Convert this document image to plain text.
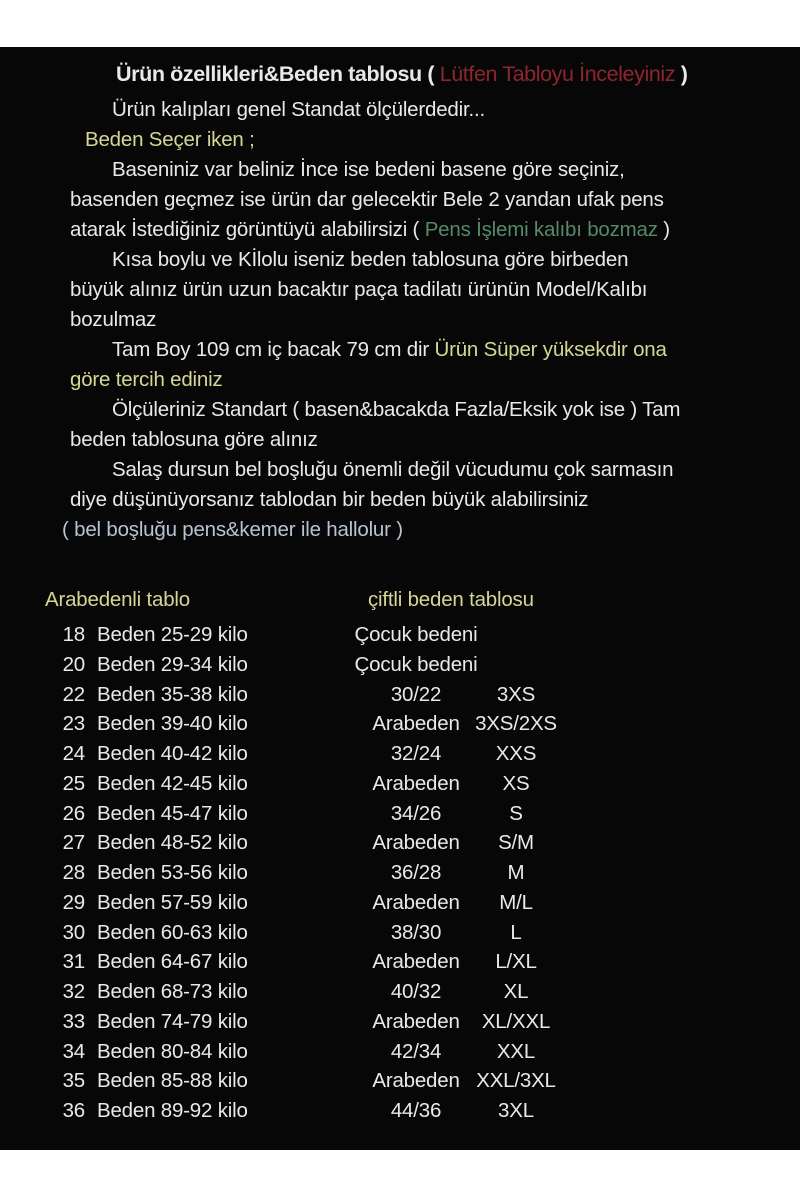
Ürün özellikleri&Beden tablosu ( Lütfen Tabloyu İnceleyiniz )
Ürün kalıpları genel Standat ölçülerdedir...
Beden Seçer iken ;
Baseniniz var beliniz İnce ise bedeni basene göre seçiniz,
basenden geçmez ise ürün dar gelecektir Bele 2 yandan ufak pens
atarak İstediğiniz görüntüyü alabilirsizi ( Pens İşlemi kalıbı bozmaz )
Kısa boylu ve Kİlolu iseniz beden tablosuna göre birbeden
büyük alınız ürün uzun bacaktır paça tadilatı ürünün Model/Kalıbı
bozulmaz
Tam Boy 109 cm iç bacak 79 cm dir Ürün Süper yüksekdir ona
göre tercih ediniz
Ölçüleriniz Standart ( basen&bacakda Fazla/Eksik yok ise ) Tam
beden tablosuna göre alınız
Salaş dursun bel boşluğu önemli değil vücudumu çok sarmasın
diye düşünüyorsanız tablodan bir beden büyük alabilirsiniz
( bel boşluğu pens&kemer ile hallolur )
Arabedenli tablo	çiftli beden tablosu
18 Beden 25-29 kilo	Çocuk bedeni
20 Beden 29-34 kilo	Çocuk bedeni
22 Beden 35-38 kilo	30/22	3XS
23 Beden 39-40 kilo	Arabeden 3XS/2XS
24 Beden 40-42 kilo	32/24	XXS
25 Beden 42-45 kilo	Arabeden	XS
26 Beden 45-47 kilo	34/26	S
27 Beden 48-52 kilo	Arabeden	S/M
28 Beden 53-56 kilo	36/28	M
29 Beden 57-59 kilo	Arabeden	M/L
30 Beden 60-63 kilo	38/30	L
31 Beden 64-67 kilo	Arabeden	L/XL
32 Beden 68-73 kilo	40/32	XL
33 Beden 74-79 kilo	Arabeden	XL/XXL
34 Beden 80-84 kilo	42/34	XXL
35 Beden 85-88 kilo	Arabeden XXL/3XL
36 Beden 89-92 kilo	44/36	3XL
